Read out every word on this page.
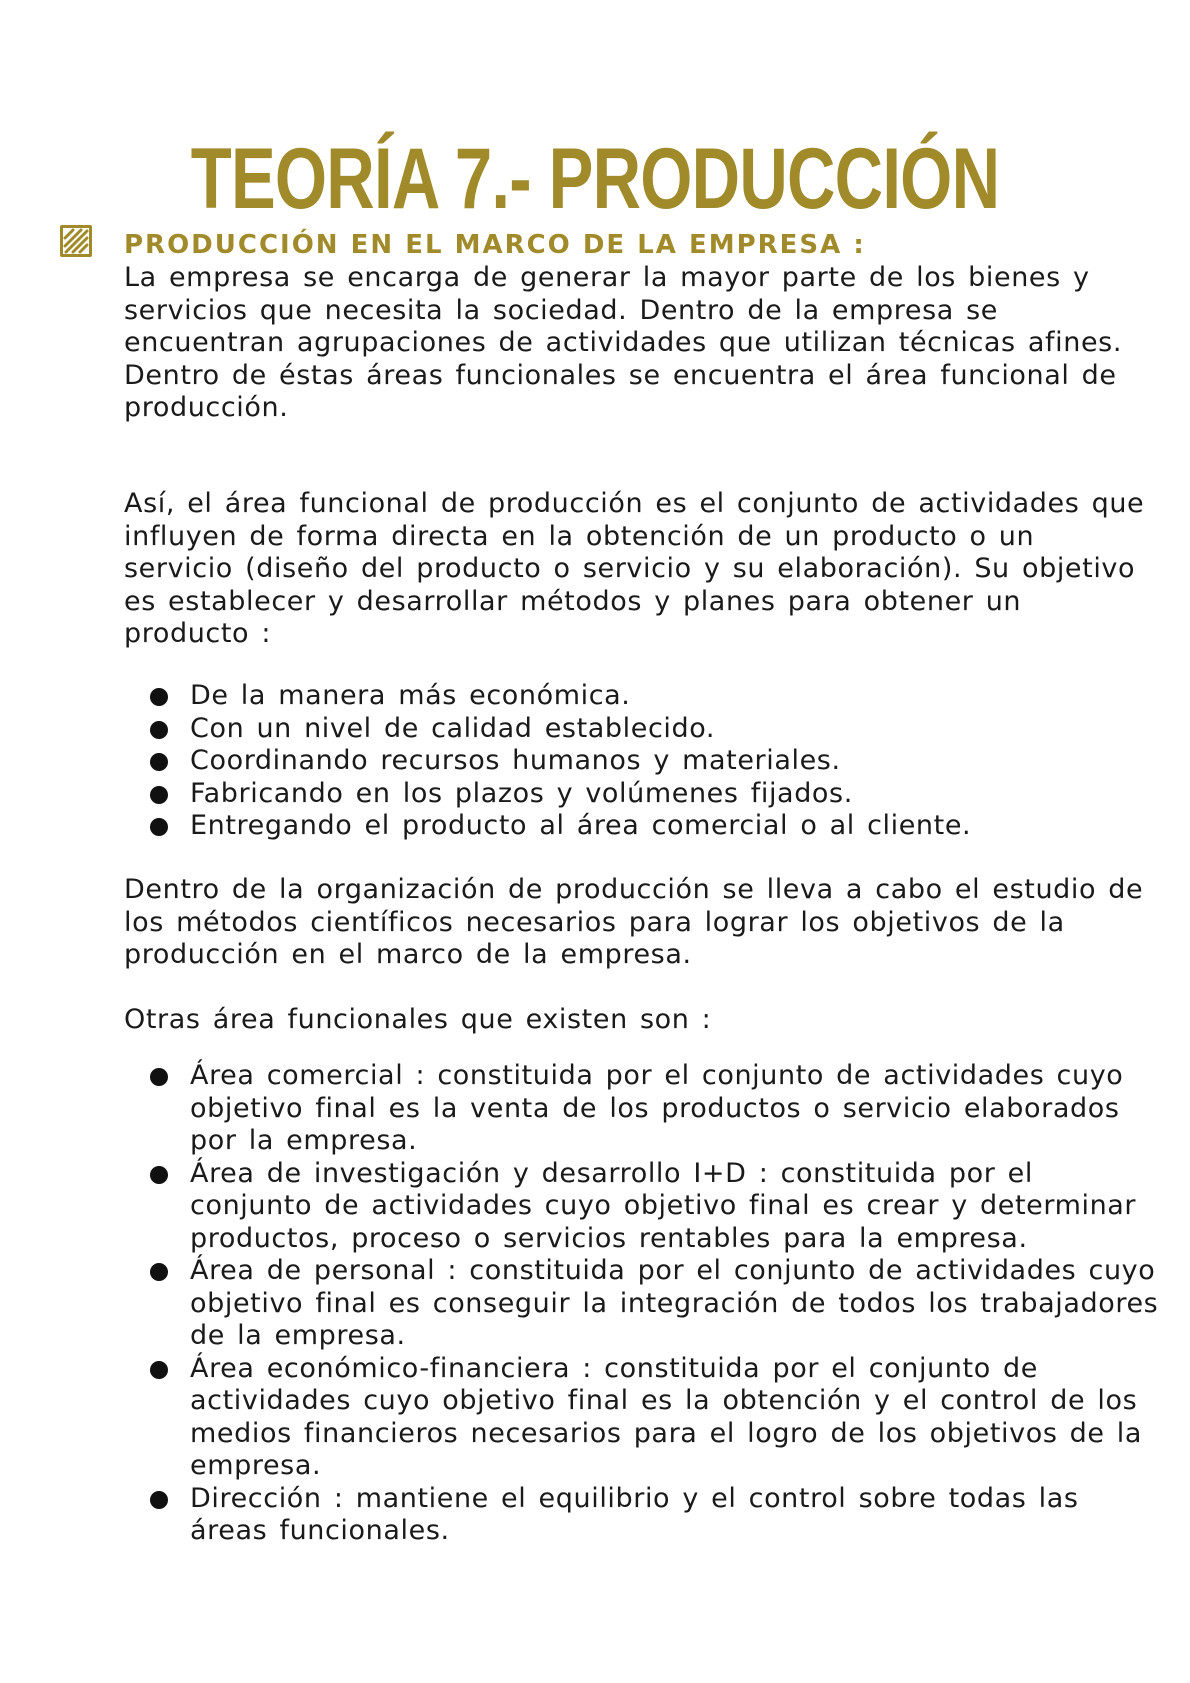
TEORÍA 7.- PRODUCCIÓN
PRODUCCIÓN EN EL MARCO DE LA EMPRESA :

La empresa se encarga de generar la mayor parte de los bienes y servicios que necesita la sociedad. Dentro de la empresa se encuentran agrupaciones de actividades que utilizan técnicas afines. Dentro de éstas áreas funcionales se encuentra el área funcional de producción.

Así, el área funcional de producción es el conjunto de actividades que influyen de forma directa en la obtención de un producto o un servicio (diseño del producto o servicio y su elaboración). Su objetivo es establecer y desarrollar métodos y planes para obtener un producto :

De la manera más económica.
Con un nivel de calidad establecido.
Coordinando recursos humanos y materiales.
Fabricando en los plazos y volúmenes fijados.
Entregando el producto al área comercial o al cliente.

Dentro de la organización de producción se lleva a cabo el estudio de los métodos científicos necesarios para lograr los objetivos de la producción en el marco de la empresa.

Otras área funcionales que existen son :

Área comercial : constituida por el conjunto de actividades cuyo objetivo final es la venta de los productos o servicio elaborados por la empresa.
Área de investigación y desarrollo I+D : constituida por el conjunto de actividades cuyo objetivo final es crear y determinar productos, proceso o servicios rentables para la empresa.
Área de personal : constituida por el conjunto de actividades cuyo objetivo final es conseguir la integración de todos los trabajadores de la empresa.
Área económico-financiera : constituida por el conjunto de actividades cuyo objetivo final es la obtención y el control de los medios financieros necesarios para el logro de los objetivos de la empresa.
Dirección : mantiene el equilibrio y el control sobre todas las áreas funcionales.
